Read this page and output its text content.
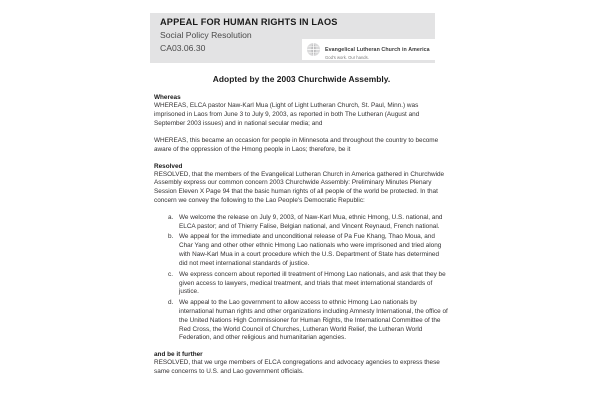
APPEAL FOR HUMAN RIGHTS IN LAOS
Social Policy Resolution
CA03.06.30	Evangelical Lutheran Church in America
God's work. Our hands.
Adopted by the 2003 Churchwide Assembly.
Whereas

WHEREAS, ELCA pastor Naw-Karl Mua (Light of Light Lutheran Church, St. Paul, Minn.) was imprisoned in Laos from June 3 to July 9, 2003, as reported in both The Lutheran (August and September 2003 issues) and in national secular media; and

WHEREAS, this became an occasion for people in Minnesota and throughout the country to become aware of the oppression of the Hmong people in Laos; therefore, be it

Resolved

RESOLVED, that the members of the Evangelical Lutheran Church in America gathered in Churchwide Assembly express our common concern 2003 Churchwide Assembly: Preliminary Minutes Plenary Session Eleven X Page 94 that the basic human rights of all people of the world be protected. In that concern we convey the following to the Lao People's Democratic Republic:

a. We welcome the release on July 9, 2003, of Naw-Karl Mua, ethnic Hmong, U.S. national, and ELCA pastor; and of Thierry Falise, Belgian national, and Vincent Reynaud, French national.
b. We appeal for the immediate and unconditional release of Pa Fue Khang, Thao Moua, and Char Yang and other other ethnic Hmong Lao nationals who were imprisoned and tried along with Naw-Karl Mua in a court procedure which the U.S. Department of State has determined did not meet international standards of justice.
c. We express concern about reported ill treatment of Hmong Lao nationals, and ask that they be given access to lawyers, medical treatment, and trials that meet international standards of justice.
d. We appeal to the Lao government to allow access to ethnic Hmong Lao nationals by international human rights and other organizations including Amnesty International, the office of the United Nations High Commissioner for Human Rights, the International Committee of the Red Cross, the World Council of Churches, Lutheran World Relief, the Lutheran World Federation, and other religious and humanitarian agencies.
and be it further

RESOLVED, that we urge members of ELCA congregations and advocacy agencies to express these same concerns to U.S. and Lao government officials.
